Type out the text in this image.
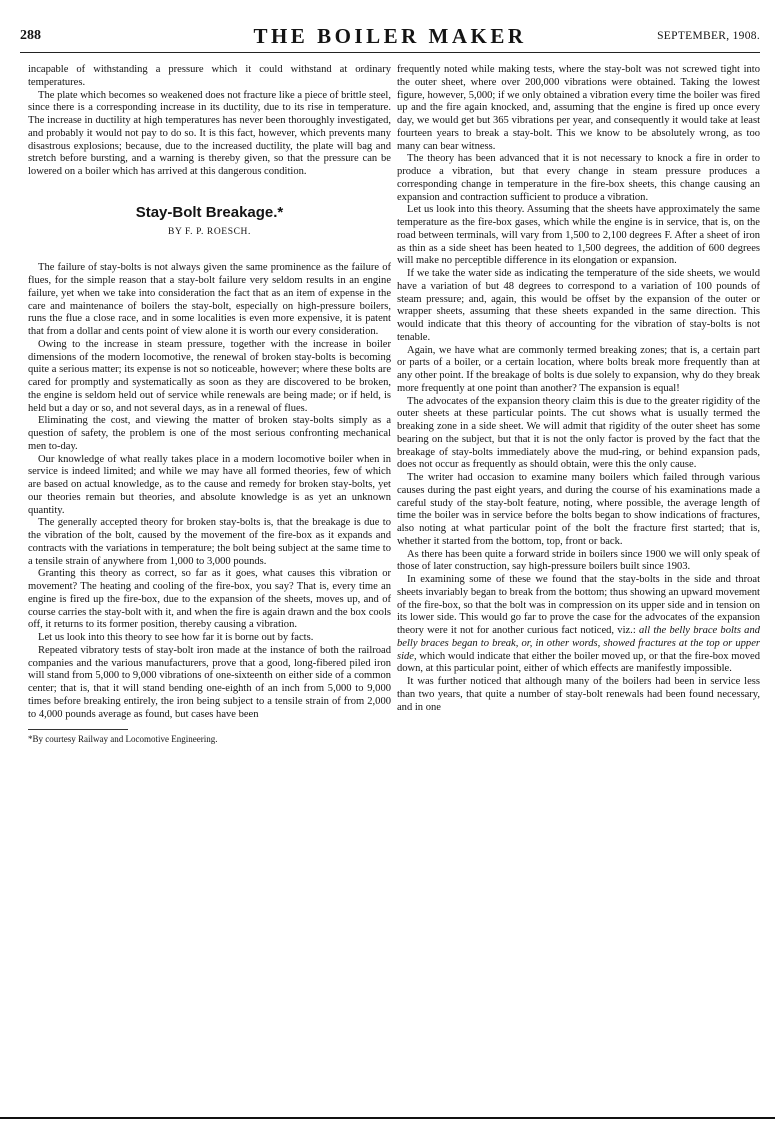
288	THE BOILER MAKER	SEPTEMBER, 1908.

incapable of withstanding a pressure which it could withstand at ordinary temperatures.

The plate which becomes so weakened does not fracture like a piece of brittle steel, since there is a corresponding increase in its ductility, due to its rise in temperature. The increase in ductility at high temperatures has never been thoroughly investigated, and probably it would not pay to do so. It is this fact, however, which prevents many disastrous explosions; because, due to the increased ductility, the plate will bag and stretch before bursting, and a warning is thereby given, so that the pressure can be lowered on a boiler which has arrived at this dangerous condition.

Stay-Bolt Breakage.*
BY F. P. ROESCH.

The failure of stay-bolts is not always given the same prominence as the failure of flues, for the simple reason that a stay-bolt failure very seldom results in an engine failure, yet when we take into consideration the fact that as an item of expense in the care and maintenance of boilers the stay-bolt, especially on high-pressure boilers, runs the flue a close race, and in some localities is even more expensive, it is patent that from a dollar and cents point of view alone it is worth our every consideration.

Owing to the increase in steam pressure, together with the increase in boiler dimensions of the modern locomotive, the renewal of broken stay-bolts is becoming quite a serious matter; its expense is not so noticeable, however; where these bolts are cared for promptly and systematically as soon as they are discovered to be broken, the engine is seldom held out of service while renewals are being made; or if held, is held but a day or so, and not several days, as in a renewal of flues.

Eliminating the cost, and viewing the matter of broken stay-bolts simply as a question of safety, the problem is one of the most serious confronting mechanical men to-day.

Our knowledge of what really takes place in a modern locomotive boiler when in service is indeed limited; and while we may have all formed theories, few of which are based on actual knowledge, as to the cause and remedy for broken stay-bolts, yet our theories remain but theories, and absolute knowledge is as yet an unknown quantity.

The generally accepted theory for broken stay-bolts is, that the breakage is due to the vibration of the bolt, caused by the movement of the fire-box as it expands and contracts with the variations in temperature; the bolt being subject at the same time to a tensile strain of anywhere from 1,000 to 3,000 pounds.

Granting this theory as correct, so far as it goes, what causes this vibration or movement? The heating and cooling of the fire-box, you say? That is, every time an engine is fired up the fire-box, due to the expansion of the sheets, moves up, and of course carries the stay-bolt with it, and when the fire is again drawn and the box cools off, it returns to its former position, thereby causing a vibration.

Let us look into this theory to see how far it is borne out by facts.

Repeated vibratory tests of stay-bolt iron made at the instance of both the railroad companies and the various manufacturers, prove that a good, long-fibered piled iron will stand from 5,000 to 9,000 vibrations of one-sixteenth on either side of a common center; that is, that it will stand bending one-eighth of an inch from 5,000 to 9,000 times before breaking entirely, the iron being subject to a tensile strain of from 2,000 to 4,000 pounds average as found, but cases have been

*By courtesy Railway and Locomotive Engineering.

frequently noted while making tests, where the stay-bolt was not screwed tight into the outer sheet, where over 200,000 vibrations were obtained. Taking the lowest figure, however, 5,000; if we only obtained a vibration every time the boiler was fired up and the fire again knocked, and, assuming that the engine is fired up once every day, we would get but 365 vibrations per year, and consequently it would take at least fourteen years to break a stay-bolt. This we know to be absolutely wrong, as too many can bear witness.

The theory has been advanced that it is not necessary to knock a fire in order to produce a vibration, but that every change in steam pressure produces a corresponding change in temperature in the fire-box sheets, this change causing an expansion and contraction sufficient to produce a vibration.

Let us look into this theory. Assuming that the sheets have approximately the same temperature as the fire-box gases, which while the engine is in service, that is, on the road between terminals, will vary from 1,500 to 2,100 degrees F. After a sheet of iron as thin as a side sheet has been heated to 1,500 degrees, the addition of 600 degrees will make no perceptible difference in its elongation or expansion.

If we take the water side as indicating the temperature of the side sheets, we would have a variation of but 48 degrees to correspond to a variation of 100 pounds of steam pressure; and, again, this would be offset by the expansion of the outer or wrapper sheets, assuming that these sheets expanded in the same direction. This would indicate that this theory of accounting for the vibration of stay-bolts is not tenable.

Again, we have what are commonly termed breaking zones; that is, a certain part or parts of a boiler, or a certain location, where bolts break more frequently than at any other point. If the breakage of bolts is due solely to expansion, why do they break more frequently at one point than another? The expansion is equal!

The advocates of the expansion theory claim this is due to the greater rigidity of the outer sheets at these particular points. The cut shows what is usually termed the breaking zone in a side sheet. We will admit that rigidity of the outer sheet has some bearing on the subject, but that it is not the only factor is proved by the fact that the breakage of stay-bolts immediately above the mud-ring, or behind expansion pads, does not occur as frequently as should obtain, were this the only cause.

The writer had occasion to examine many boilers which failed through various causes during the past eight years, and during the course of his examinations made a careful study of the stay-bolt feature, noting, where possible, the average length of time the boiler was in service before the bolts began to show indications of fractures, also noting at what particular point of the bolt the fracture first started; that is, whether it started from the bottom, top, front or back.

As there has been quite a forward stride in boilers since 1900 we will only speak of those of later construction, say high-pressure boilers built since 1903.

In examining some of these we found that the stay-bolts in the side and throat sheets invariably began to break from the bottom; thus showing an upward movement of the fire-box, so that the bolt was in compression on its upper side and in tension on its lower side. This would go far to prove the case for the advocates of the expansion theory were it not for another curious fact noticed, viz.: all the belly brace bolts and belly braces began to break, or, in other words, showed fractures at the top or upper side, which would indicate that either the boiler moved up, or that the fire-box moved down, at this particular point, either of which effects are manifestly impossible.

It was further noticed that although many of the boilers had been in service less than two years, that quite a number of stay-bolt renewals had been found necessary, and in one
